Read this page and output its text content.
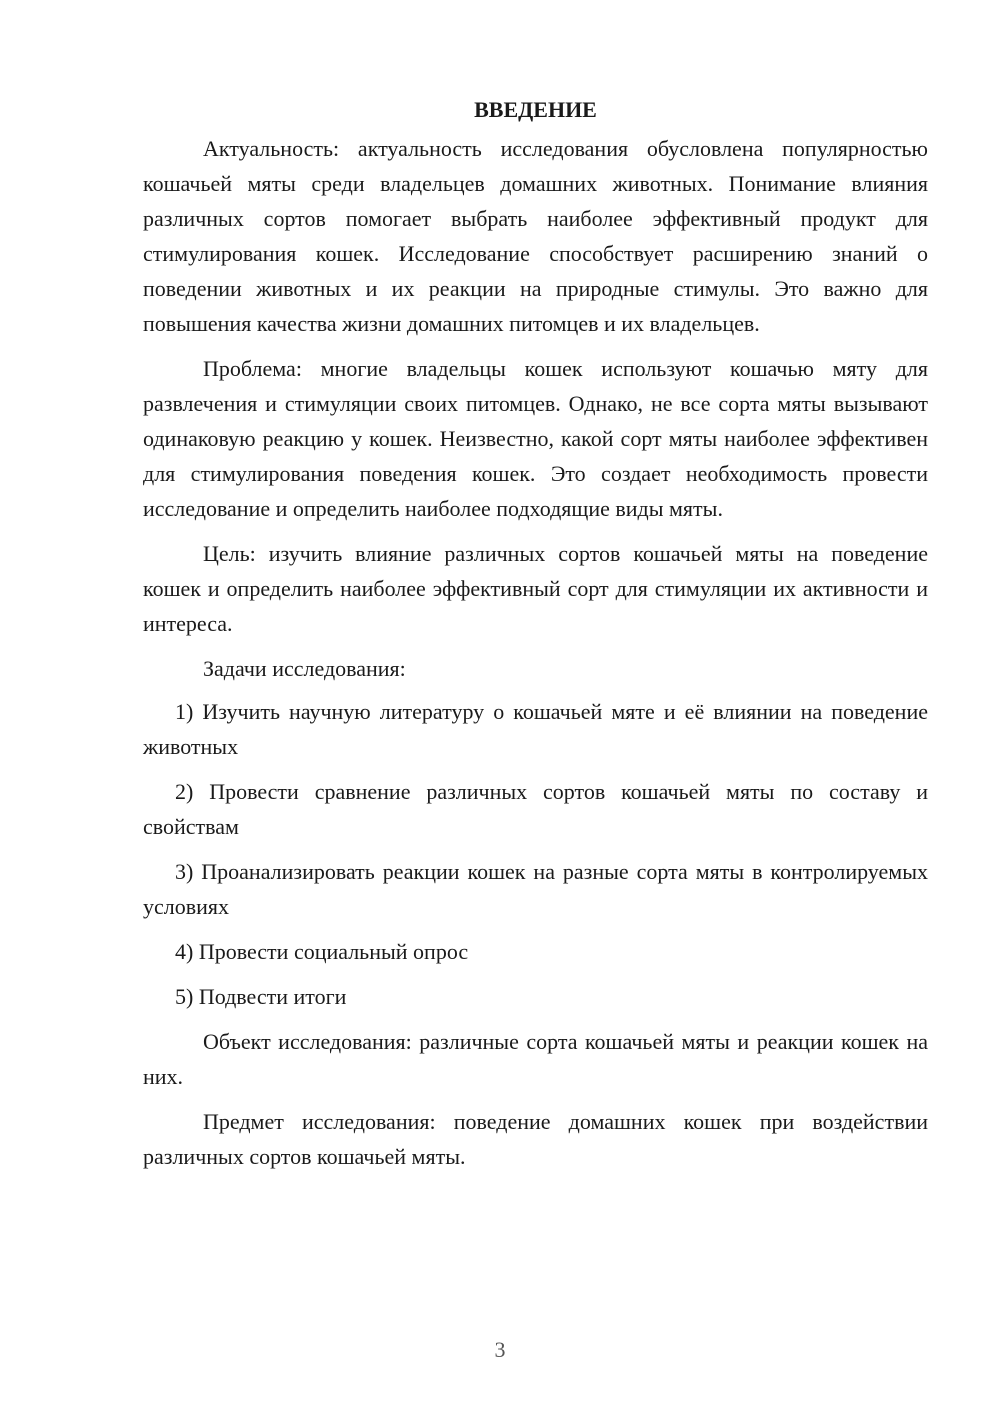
ВВЕДЕНИЕ

Актуальность: актуальность исследования обусловлена популярностью кошачьей мяты среди владельцев домашних животных. Понимание влияния различных сортов помогает выбрать наиболее эффективный продукт для стимулирования кошек. Исследование способствует расширению знаний о поведении животных и их реакции на природные стимулы. Это важно для повышения качества жизни домашних питомцев и их владельцев.

Проблема: многие владельцы кошек используют кошачью мяту для развлечения и стимуляции своих питомцев. Однако, не все сорта мяты вызывают одинаковую реакцию у кошек. Неизвестно, какой сорт мяты наиболее эффективен для стимулирования поведения кошек. Это создает необходимость провести исследование и определить наиболее подходящие виды мяты.

Цель: изучить влияние различных сортов кошачьей мяты на поведение кошек и определить наиболее эффективный сорт для стимуляции их активности и интереса.

Задачи исследования:

1) Изучить научную литературу о кошачьей мяте и её влиянии на поведение животных

2) Провести сравнение различных сортов кошачьей мяты по составу и свойствам

3) Проанализировать реакции кошек на разные сорта мяты в контролируемых условиях

4) Провести социальный опрос

5) Подвести итоги

Объект исследования: различные сорта кошачьей мяты и реакции кошек на них.

Предмет исследования: поведение домашних кошек при воздействии различных сортов кошачьей мяты.

3
